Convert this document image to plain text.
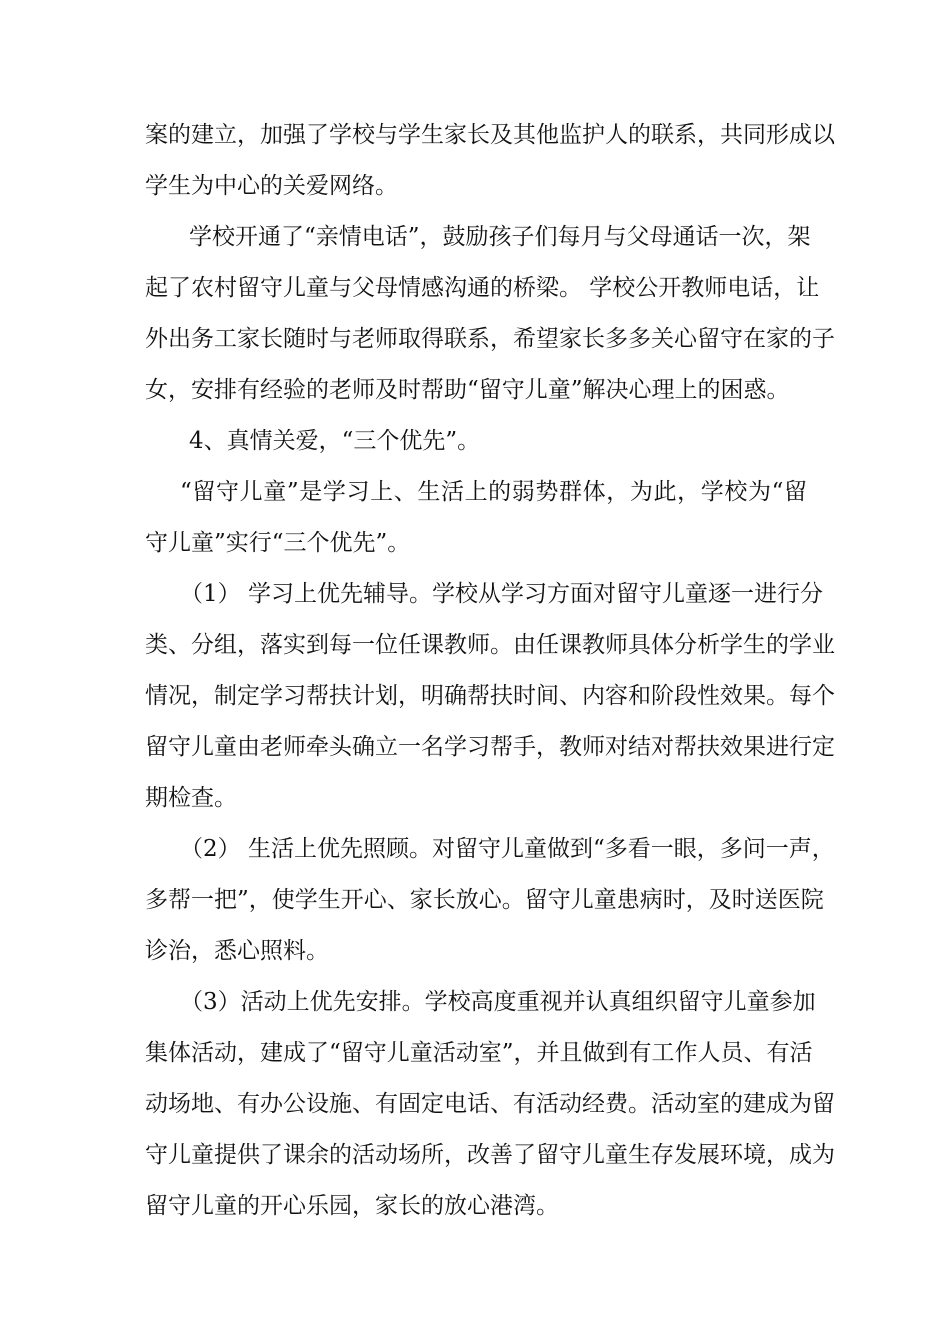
案的建立，加强了学校与学生家长及其他监护人的联系，共同形成以

学生为中心的关爱网络。

学校开通了“亲情电话”，鼓励孩子们每月与父母通话一次，架

起了农村留守儿童与父母情感沟通的桥梁。 学校公开教师电话，让

外出务工家长随时与老师取得联系，希望家长多多关心留守在家的子

女，安排有经验的老师及时帮助“留守儿童”解决心理上的困惑。

4、真情关爱，“三个优先”。

“留守儿童”是学习上、生活上的弱势群体，为此，学校为“留

守儿童”实行“三个优先”。

（1） 学习上优先辅导。学校从学习方面对留守儿童逐一进行分

类、分组，落实到每一位任课教师。由任课教师具体分析学生的学业

情况，制定学习帮扶计划，明确帮扶时间、内容和阶段性效果。每个

留守儿童由老师牵头确立一名学习帮手，教师对结对帮扶效果进行定

期检查。

（2） 生活上优先照顾。对留守儿童做到“多看一眼，多问一声，

多帮一把”，使学生开心、家长放心。留守儿童患病时，及时送医院

诊治，悉心照料。

（3）活动上优先安排。学校高度重视并认真组织留守儿童参加

集体活动，建成了“留守儿童活动室”，并且做到有工作人员、有活

动场地、有办公设施、有固定电话、有活动经费。活动室的建成为留

守儿童提供了课余的活动场所，改善了留守儿童生存发展环境，成为

留守儿童的开心乐园，家长的放心港湾。
